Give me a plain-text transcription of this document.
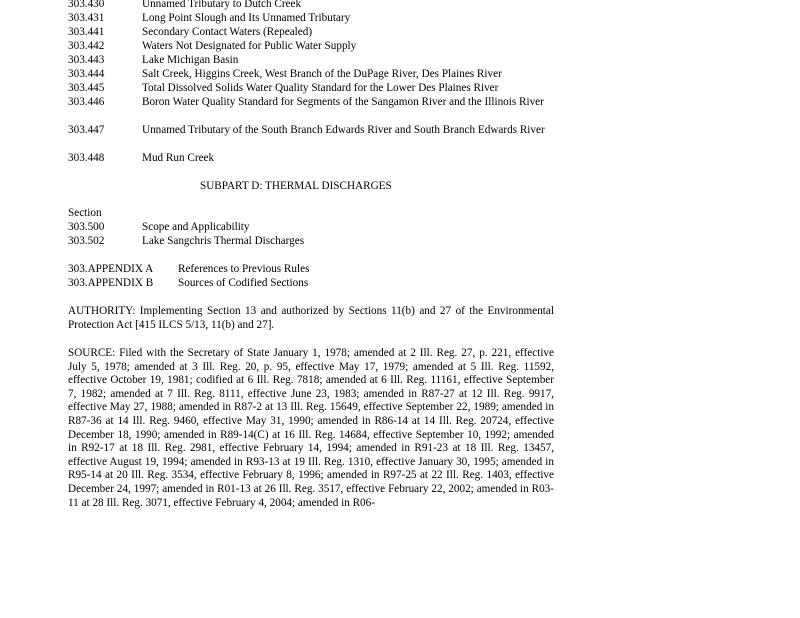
303.430	Unnamed Tributary to Dutch Creek
303.431	Long Point Slough and Its Unnamed Tributary
303.441	Secondary Contact Waters (Repealed)
303.442	Waters Not Designated for Public Water Supply
303.443	Lake Michigan Basin
303.444	Salt Creek, Higgins Creek, West Branch of the DuPage River, Des Plaines River
303.445	Total Dissolved Solids Water Quality Standard for the Lower Des Plaines River
303.446	Boron Water Quality Standard for Segments of the Sangamon River and the Illinois River
303.447	Unnamed Tributary of the South Branch Edwards River and South Branch Edwards River
303.448	Mud Run Creek
SUBPART D: THERMAL DISCHARGES
Section
303.500	Scope and Applicability
303.502	Lake Sangchris Thermal Discharges
303.APPENDIX A References to Previous Rules
303.APPENDIX B Sources of Codified Sections
AUTHORITY: Implementing Section 13 and authorized by Sections 11(b) and 27 of the Environmental Protection Act [415 ILCS 5/13, 11(b) and 27].
SOURCE: Filed with the Secretary of State January 1, 1978; amended at 2 Ill. Reg. 27, p. 221, effective July 5, 1978; amended at 3 Ill. Reg. 20, p. 95, effective May 17, 1979; amended at 5 Ill. Reg. 11592, effective October 19, 1981; codified at 6 Ill. Reg. 7818; amended at 6 Ill. Reg. 11161, effective September 7, 1982; amended at 7 Ill. Reg. 8111, effective June 23, 1983; amended in R87-27 at 12 Ill. Reg. 9917, effective May 27, 1988; amended in R87-2 at 13 Ill. Reg. 15649, effective September 22, 1989; amended in R87-36 at 14 Ill. Reg. 9460, effective May 31, 1990; amended in R86-14 at 14 Ill. Reg. 20724, effective December 18, 1990; amended in R89-14(C) at 16 Ill. Reg. 14684, effective September 10, 1992; amended in R92-17 at 18 Ill. Reg. 2981, effective February 14, 1994; amended in R91-23 at 18 Ill. Reg. 13457, effective August 19, 1994; amended in R93-13 at 19 Ill. Reg. 1310, effective January 30, 1995; amended in R95-14 at 20 Ill. Reg. 3534, effective February 8, 1996; amended in R97-25 at 22 Ill. Reg. 1403, effective December 24, 1997; amended in R01-13 at 26 Ill. Reg. 3517, effective February 22, 2002; amended in R03-11 at 28 Ill. Reg. 3071, effective February 4, 2004; amended in R06-
